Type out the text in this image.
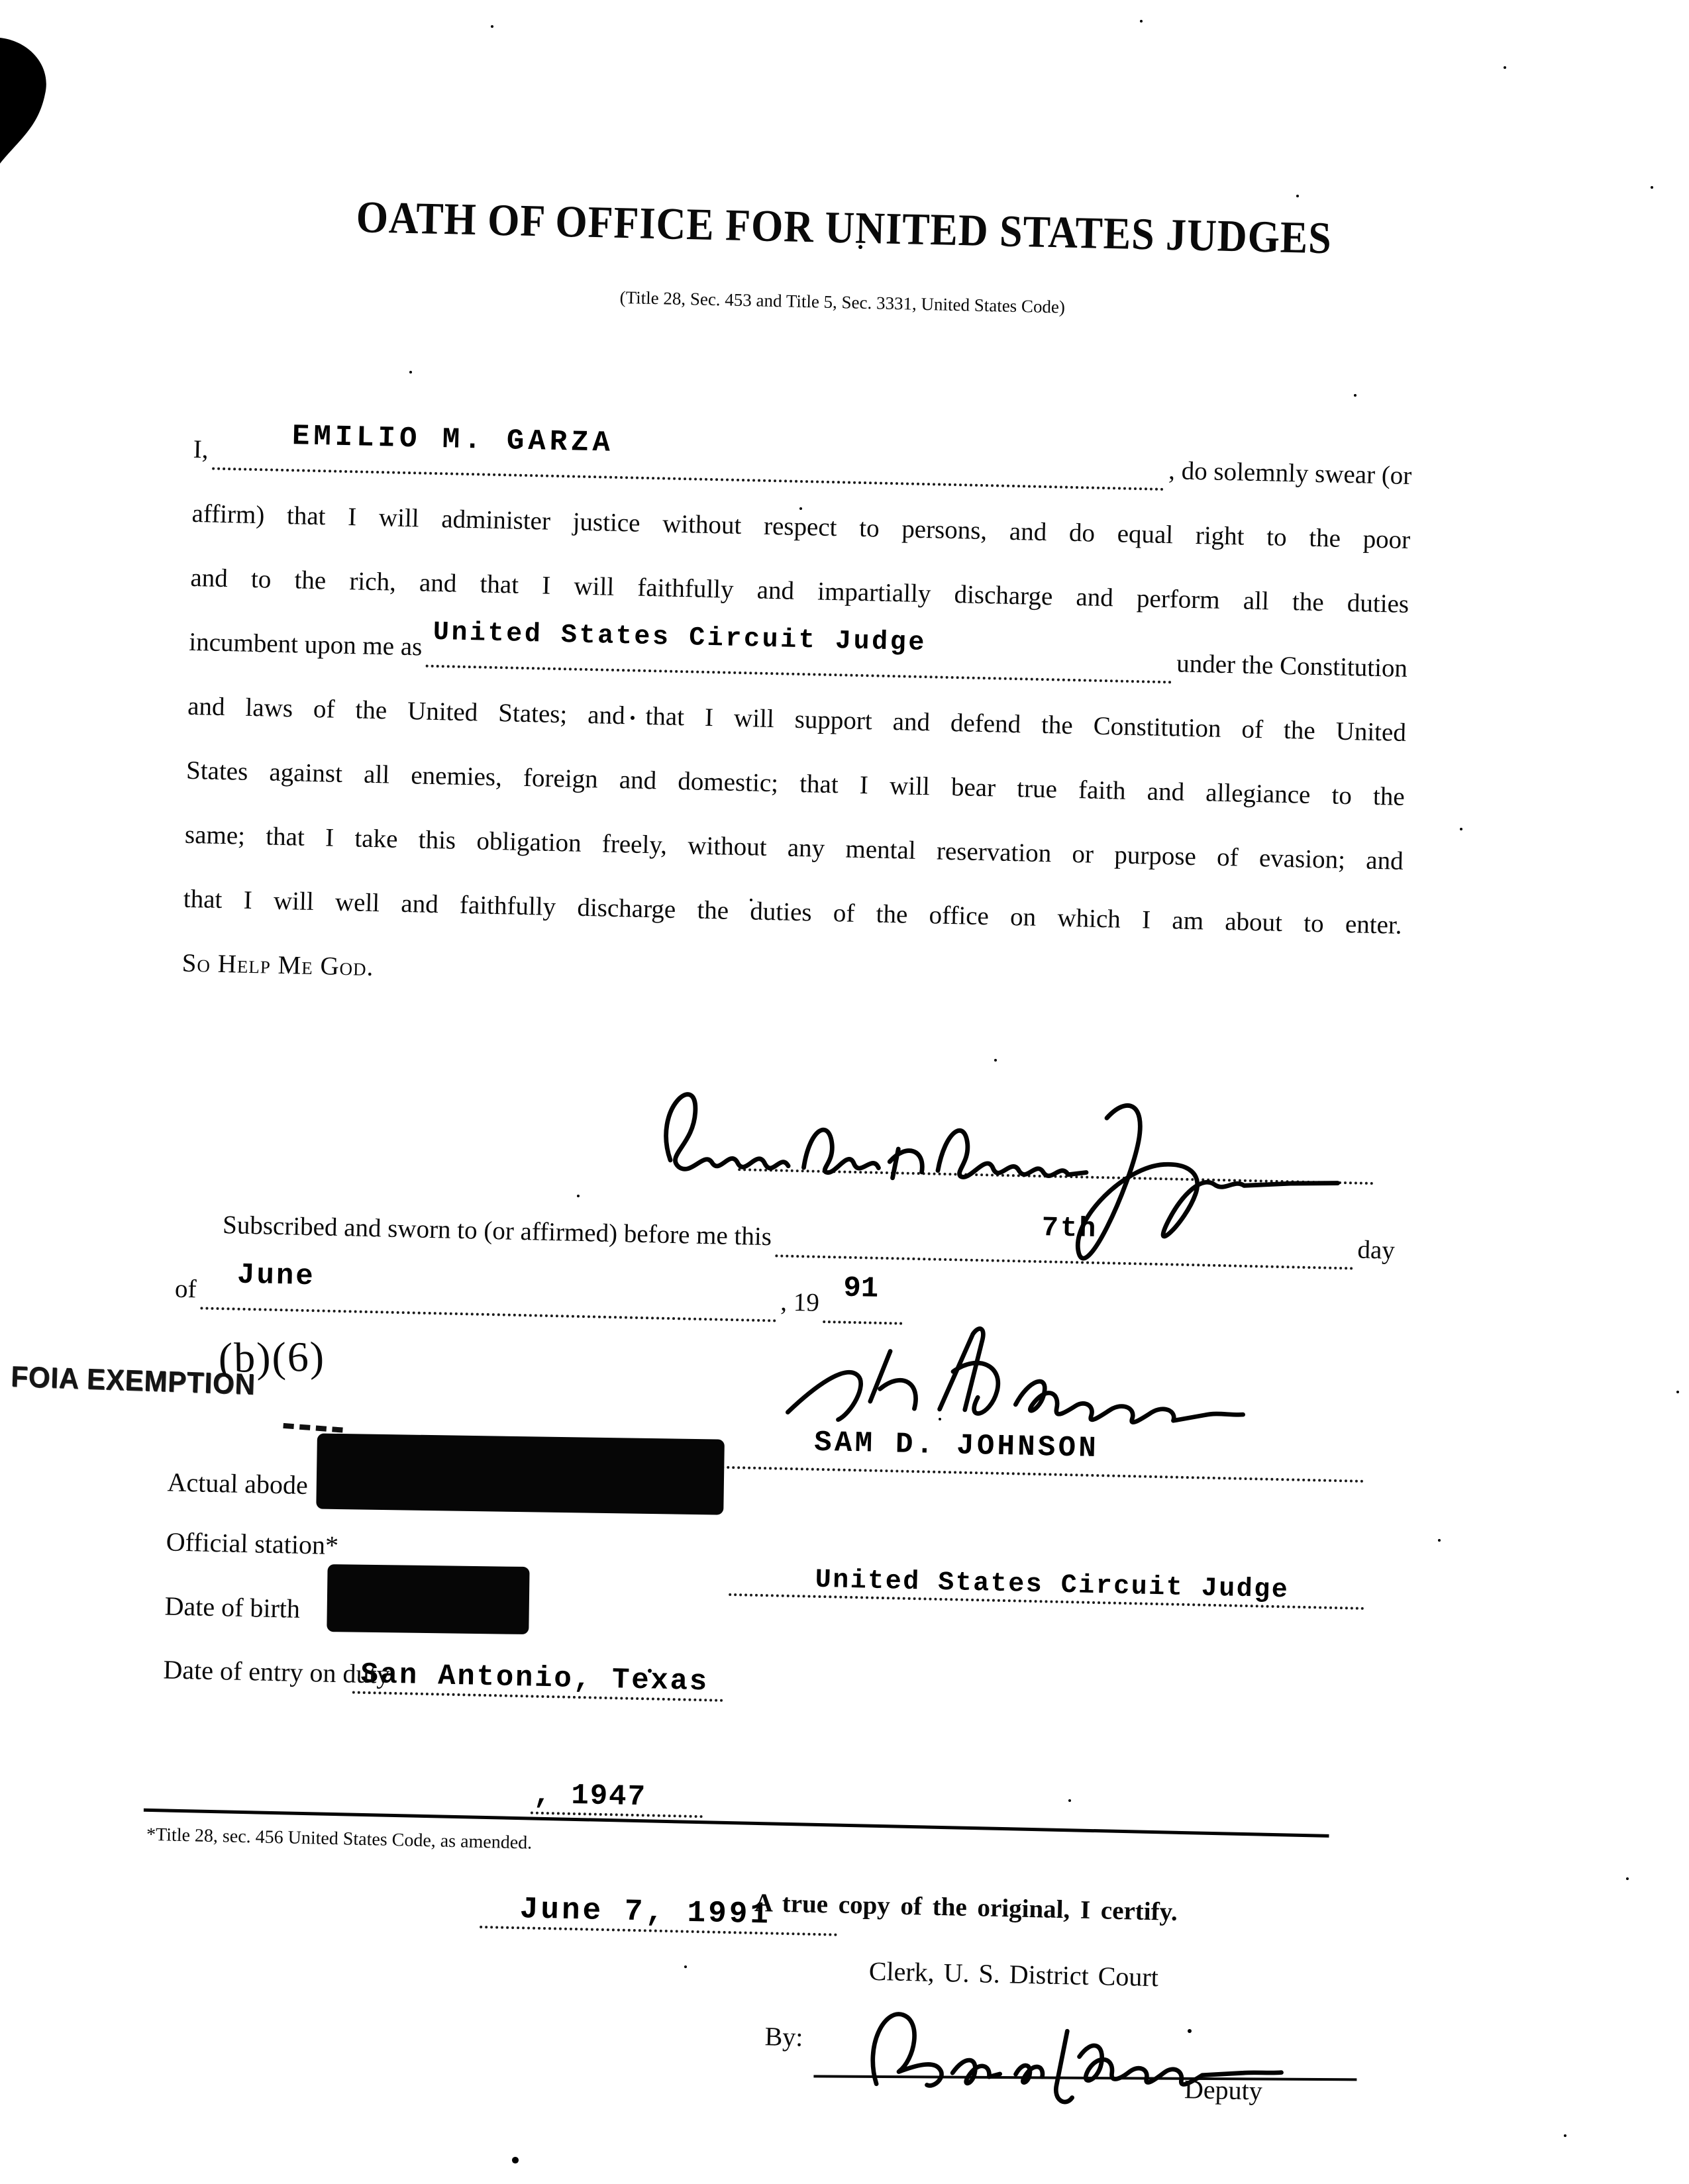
OATH OF OFFICE FOR UNITED STATES JUDGES
(Title 28, Sec. 453 and Title 5, Sec. 3331, United States Code)
I,	EMILIO M. GARZA
, do solemnly swear (or
affirm) that I will administer justice without respect to persons, and do equal right to the poor
and to the rich, and that I will faithfully and impartially discharge and perform all the duties
incumbent upon me as United States Circuit Judge
under the Constitution
and laws of the United States; and that I will support and defend the Constitution of the United
States against all enemies, foreign and domestic; that I will bear true faith and allegiance to the
same; that I take this obligation freely, without any mental reservation or purpose of evasion; and
that I will well and faithfully discharge the duties of the office on which I am about to enter.
So Help Me God.
Subscribed and sworn to (or affirmed) before me this	7th
day
of June
, 19 91
FOIA EXEMPTION
(b)(6)
SAM D. JOHNSON
Actual abode
United States Circuit Judge
Official station*
San Antonio, Texas
Date of birth
, 1947
Date of entry on duty
June 7, 1991
*Title 28, sec. 456 United States Code, as amended.
A true copy of the original, I certify.
Clerk, U. S. District Court
By:
Deputy
